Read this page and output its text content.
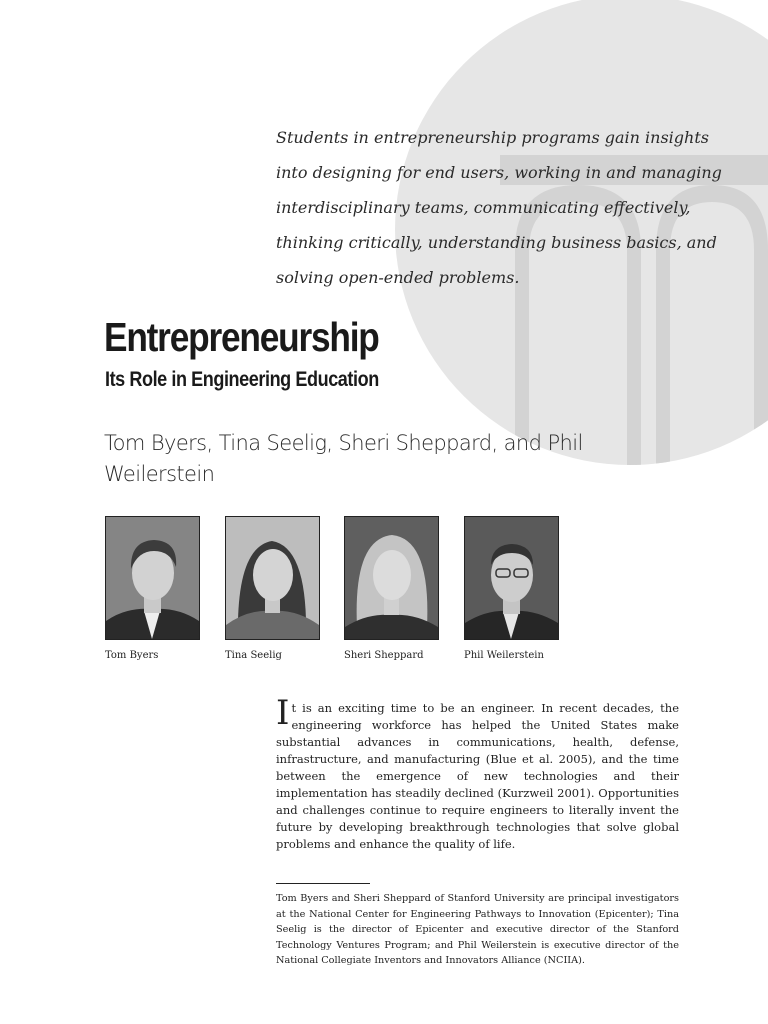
Students in entrepreneurship programs gain insights
into designing for end users, working in and managing
interdisciplinary teams, communicating effectively,
thinking critically, understanding business basics, and
solving open-ended problems.
Entrepreneurship
Its Role in Engineering Education

Tom Byers, Tina Seelig, Sheri Sheppard, and Phil Weilerstein

Tom Byers	Tina Seelig	Sheri Sheppard	Phil Weilerstein

It is an exciting time to be an engineer. In recent decades, the engineering workforce has helped the United States make substantial advances in communications, health, defense, infrastructure, and manufacturing (Blue et al. 2005), and the time between the emergence of new technologies and their implementation has steadily declined (Kurzweil 2001). Opportunities and challenges continue to require engineers to literally invent the future by developing breakthrough technologies that solve global problems and enhance the quality of life.

Tom Byers and Sheri Sheppard of Stanford University are principal investigators at the National Center for Engineering Pathways to Innovation (Epicenter); Tina Seelig is the director of Epicenter and executive director of the Stanford Technology Ventures Program; and Phil Weilerstein is executive director of the National Collegiate Inventors and Innovators Alliance (NCIIA).
